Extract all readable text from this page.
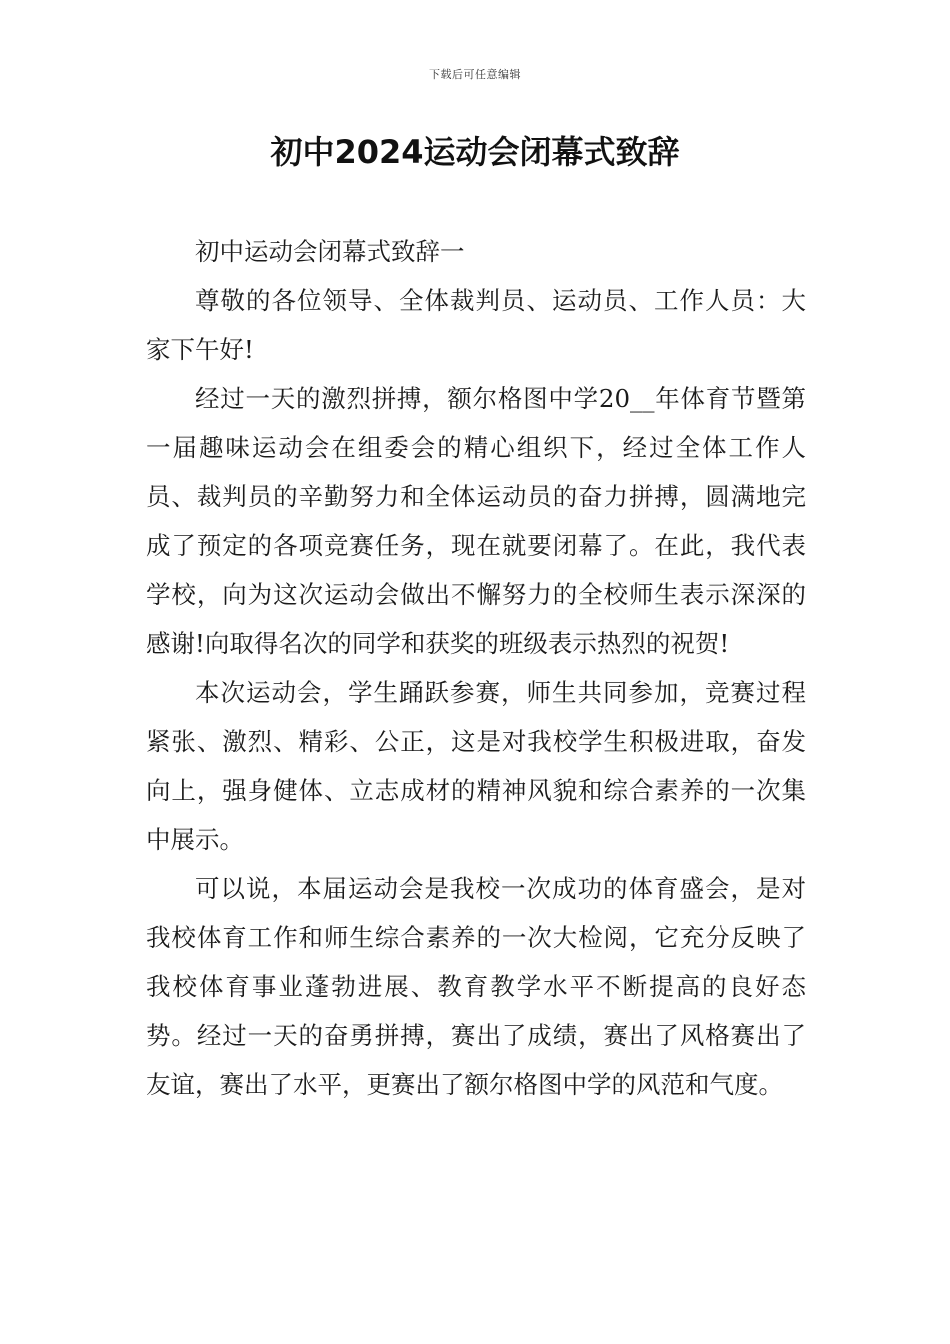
下载后可任意编辑
初中2024运动会闭幕式致辞

初中运动会闭幕式致辞一

尊敬的各位领导、全体裁判员、运动员、工作人员：大家下午好!

经过一天的激烈拼搏，额尔格图中学20__年体育节暨第一届趣味运动会在组委会的精心组织下，经过全体工作人员、裁判员的辛勤努力和全体运动员的奋力拼搏，圆满地完成了预定的各项竞赛任务，现在就要闭幕了。在此，我代表学校，向为这次运动会做出不懈努力的全校师生表示深深的感谢!向取得名次的同学和获奖的班级表示热烈的祝贺!

本次运动会，学生踊跃参赛，师生共同参加，竞赛过程紧张、激烈、精彩、公正，这是对我校学生积极进取，奋发向上，强身健体、立志成材的精神风貌和综合素养的一次集中展示。

可以说，本届运动会是我校一次成功的体育盛会，是对我校体育工作和师生综合素养的一次大检阅，它充分反映了我校体育事业蓬勃进展、教育教学水平不断提高的良好态势。经过一天的奋勇拼搏，赛出了成绩，赛出了风格赛出了友谊，赛出了水平，更赛出了额尔格图中学的风范和气度。
